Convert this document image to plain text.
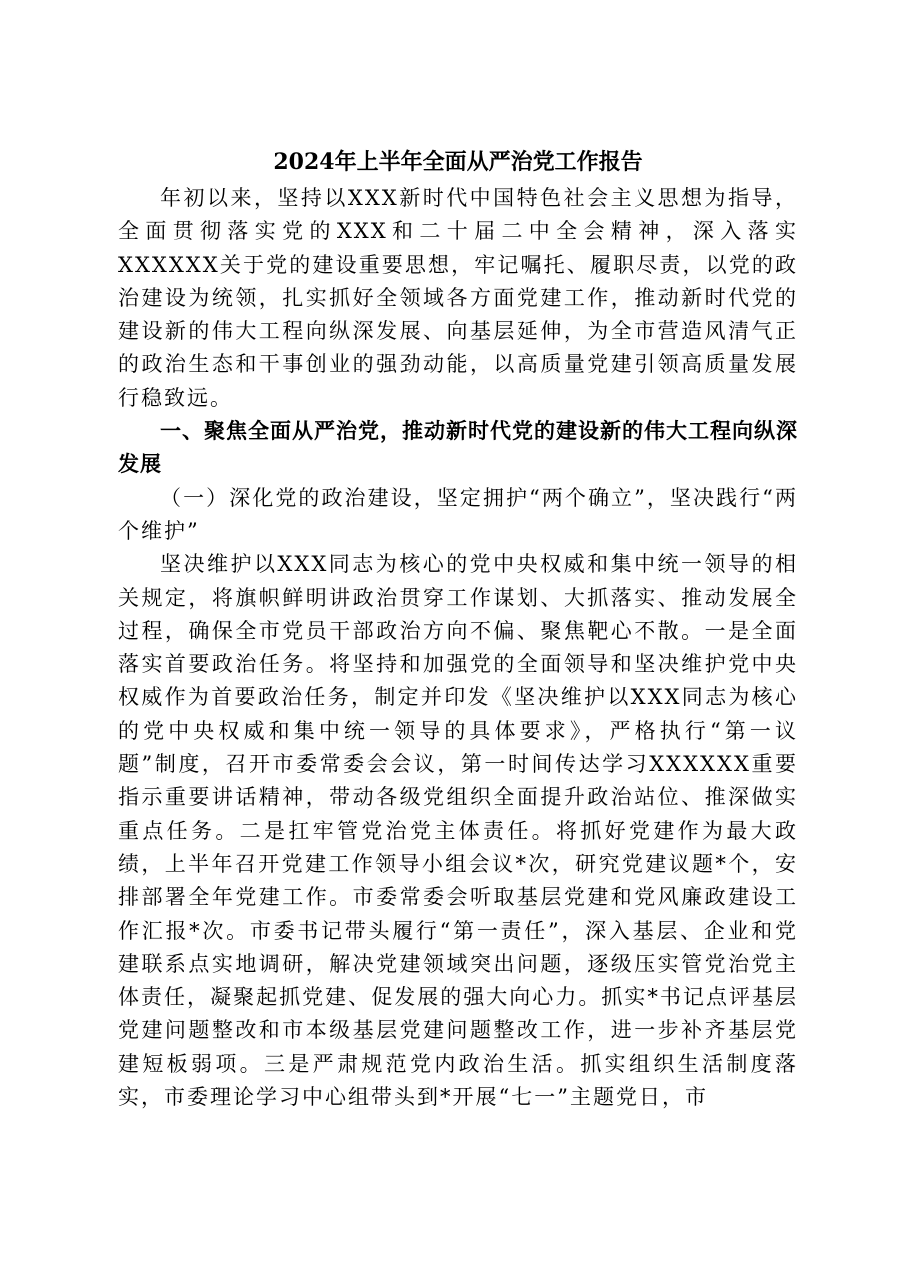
2024年上半年全面从严治党工作报告

年初以来，坚持以XXX新时代中国特色社会主义思想为指导，全面贯彻落实党的XXX和二十届二中全会精神，深入落实XXXXXX关于党的建设重要思想，牢记嘱托、履职尽责，以党的政治建设为统领，扎实抓好全领域各方面党建工作，推动新时代党的建设新的伟大工程向纵深发展、向基层延伸，为全市营造风清气正的政治生态和干事创业的强劲动能，以高质量党建引领高质量发展行稳致远。

一、聚焦全面从严治党，推动新时代党的建设新的伟大工程向纵深发展

（一）深化党的政治建设，坚定拥护“两个确立”，坚决践行“两个维护”

坚决维护以XXX同志为核心的党中央权威和集中统一领导的相关规定，将旗帜鲜明讲政治贯穿工作谋划、大抓落实、推动发展全过程，确保全市党员干部政治方向不偏、聚焦靶心不散。一是全面落实首要政治任务。将坚持和加强党的全面领导和坚决维护党中央权威作为首要政治任务，制定并印发《坚决维护以XXX同志为核心的党中央权威和集中统一领导的具体要求》，严格执行“第一议题”制度，召开市委常委会会议，第一时间传达学习XXXXXX重要指示重要讲话精神，带动各级党组织全面提升政治站位、推深做实重点任务。二是扛牢管党治党主体责任。将抓好党建作为最大政绩，上半年召开党建工作领导小组会议*次，研究党建议题*个，安排部署全年党建工作。市委常委会听取基层党建和党风廉政建设工作汇报*次。市委书记带头履行“第一责任”，深入基层、企业和党建联系点实地调研，解决党建领域突出问题，逐级压实管党治党主体责任，凝聚起抓党建、促发展的强大向心力。抓实*书记点评基层党建问题整改和市本级基层党建问题整改工作，进一步补齐基层党建短板弱项。三是严肃规范党内政治生活。抓实组织生活制度落实，市委理论学习中心组带头到*开展“七一”主题党日，市
